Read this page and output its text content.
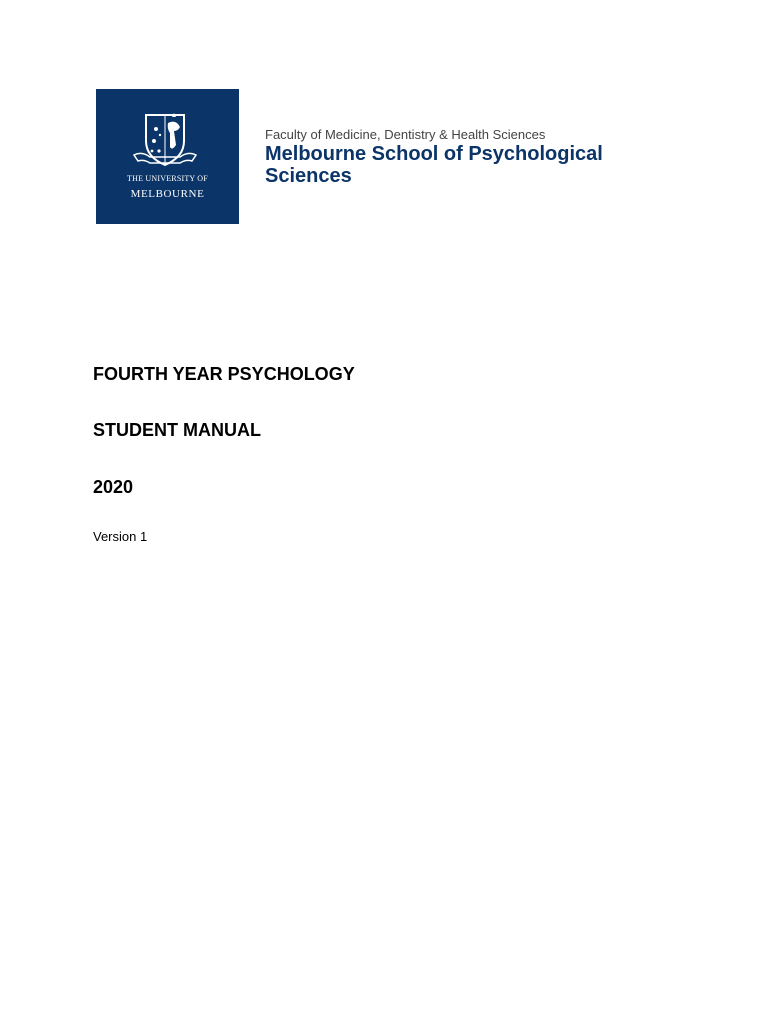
THE UNIVERSITY OF
MELBOURNE
Faculty of Medicine, Dentistry & Health Sciences
Melbourne School of Psychological Sciences
FOURTH YEAR PSYCHOLOGY
STUDENT MANUAL
2020
Version 1
